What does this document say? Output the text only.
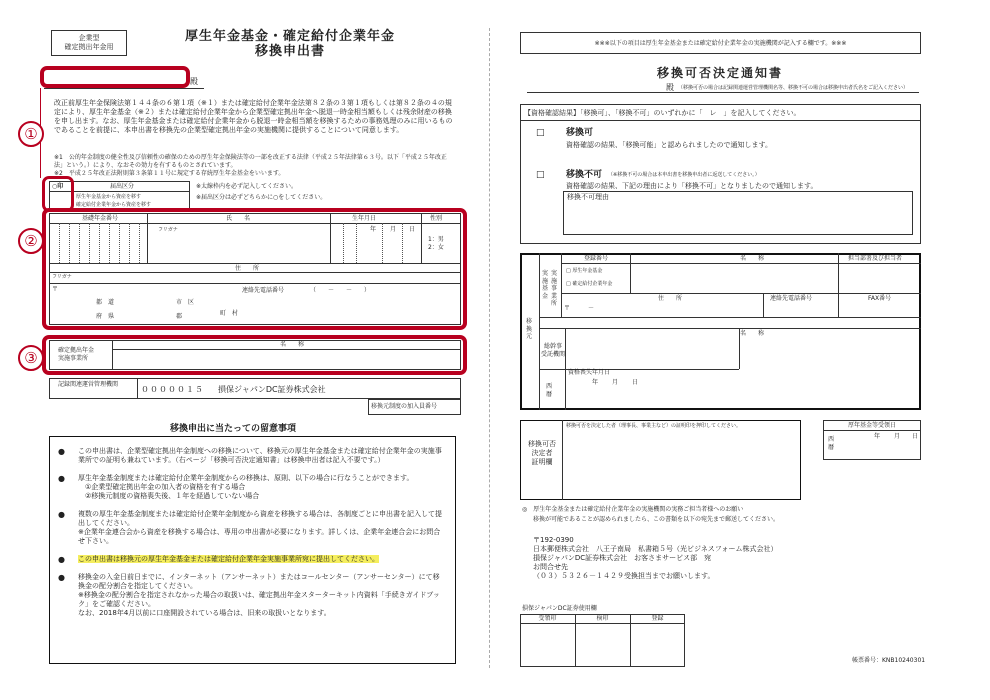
企業型
確定拠出年金用
厚生年金基金・確定給付企業年金
移換申出書
殿
改正前厚生年金保険法第１４４条の６第１項（※１）または確定給付企業年金法第８２条の３第１項もしくは第８２条の４の規定により、厚生年金基金（※２）または確定給付企業年金から企業型確定拠出年金へ脱退一時金相当額もしくは残余財産の移換を申し出ます。なお、厚生年金基金または確定給付企業年金から脱退一時金相当額を移換するための事務処理のみに用いるものであることを前提に、本申出書を移換先の企業型確定拠出年金の実施機関に提供することについて同意します。
※1　公的年金制度の健全性及び信頼性の確保のための厚生年金保険法等の一部を改正する法律（平成２５年法律第６３号。以下「平成２５年改正法」という。）により、なおその効力を有するものとされています。
※2　平成２５年改正法附則第３条第１１号に規定する存続厚生年金基金をいいます。
○印	届出区分
厚生年金基金から資産を移す
確定給付企業年金から資産を移す
※太線枠内を必ず記入してください。
※届出区分は必ずどちらかに○をしてください。
基礎年金番号	氏　　名	生年月日	性別
フリガナ	年 月 日
1：男
2：女
住　　所
フリガナ
〒	連絡先電話番号	（　　－　　－　　）
都　道
府　県
市　区
郡	町　村
確定拠出年金
実施事業所
名　　称
記録関連運営管理機関
０００００１５ 損保ジャパンDC証券株式会社
移換元制度の加入員番号
移換申出に当たっての留意事項

● この申出書は、企業型確定拠出年金制度への移換について、移換元の厚生年金基金または確定給付企業年金の実施事業所での証明も兼ねています。（右ページ「移換可否決定通知書」は移換申出者は記入不要です。）

● 厚生年金基金制度または確定給付企業年金制度からの移換は、原則、以下の場合に行なうことができます。
　①企業型確定拠出年金の加入者の資格を有する場合
　②移換元制度の資格喪失後、１年を経過していない場合

● 複数の厚生年金基金制度または確定給付企業年金制度から資産を移換する場合は、各制度ごとに申出書を記入して提出してください。
※企業年金連合会から資産を移換する場合は、専用の申出書が必要になります。詳しくは、企業年金連合会にお問合せ下さい。

● この申出書は移換元の厚生年金基金または確定給付企業年金実施事業所宛に提出してください。

● 移換金の入金日前日までに、インターネット（アンサーネット）またはコールセンター（アンサーセンター）にて移換金の配分割合を指定してください。
※移換金の配分割合を指定されなかった場合の取扱いは、確定拠出年金スターターキット内資料「手続きガイドブック」をご確認ください。
なお、2018年4月以前に口座開設されている場合は、旧来の取扱いとなります。

①
②
③
※※※以下の項目は厚生年金基金または確定給付企業年金の実施機関が記入する欄です。※※※
移換可否決定通知書
殿 （移換可否の場合は記録関連運営管理機関名等、移換不可の場合は移換申出者氏名をご記入ください）
【資格確認結果】「移換可」、「移換不可」のいずれかに「　レ　」を記入してください。
□ 移換可
資格確認の結果、「移換可能」と認められましたので通知します。
□ 移換不可 （※移換不可の場合は本申出書を移換申出者に返送してください。）
資格確認の結果、下記の理由により「移換不可」となりましたので通知します。
移換不可理由
移換元
実施基金
実施事業所
登録番号
□ 厚生年金基金
□ 確定給付企業年金
名　　称	担当部署及び担当者
住　　所	連絡先電話番号	FAX番号
〒　　　－
名　　称
総幹事
受託機関
資格喪失年月日
西暦
年 月 日
移換可否
決定者
証明欄
移換可否を決定した者（理事長、事業主など）の証明印を押印してください。	厚年基金等受領日
西暦
年 月 日
◎　厚生年金基金または確定給付企業年金の実施機関の実務ご担当者様へのお願い
移換が可能であることが認められましたら、この書類を以下の宛先まで郵送してください。
〒192-0390
日本郵便株式会社　八王子南局　私書箱５号（光ビジネスフォーム株式会社）
損保ジャパンDC証券株式会社　お客さまサービス部　宛
お問合せ先
（０３）５３２６－１４２９受換担当までお願いします。
損保ジャパンDC証券使用欄
受領印	検印	登録
帳票番号：KNB10240301
